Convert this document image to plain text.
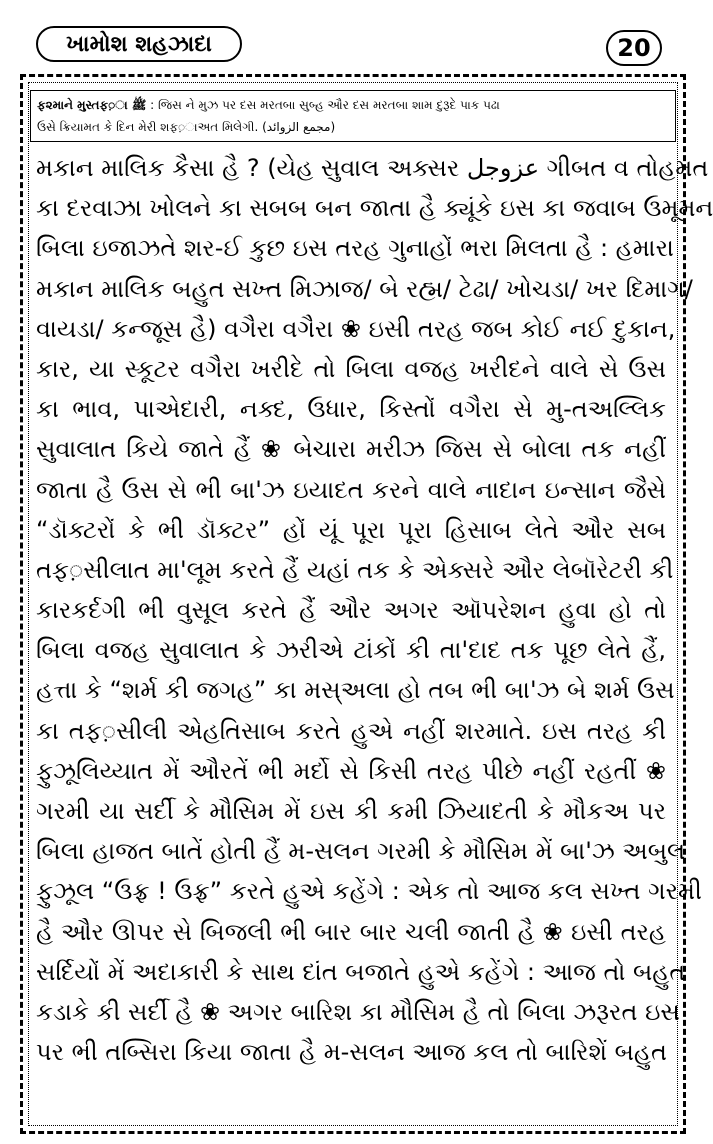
ખામોશ શહઝાદા	20
ફ૨માને મુસ્તફ़ા ﷺ : જિસ ને મુઝ પર દસ મરતબા સુબ્હ ઔર દસ મરતબા શામ દુરૂદે પાક પઢા
ઉસે ક્રિયામત કે દિન મેરી શફ़ાઅત મિલેગી. (مجمع الزوائد)
મકાન માલિક કૈસા હૈ ? (યેહ સુવાલ અક્સર عزوجل ગીબત વ તોહમત
કા દરવાઝા ખોલને કા સબબ બન જાતા હૈ ક્યૂંકે ઇસ કા જવાબ ઉમૂમન
બિલા ઇજાઝતે શર-ઈ કુછ ઇસ તરહ ગુનાહોં ભરા મિલતા હૈ : હમારા
મકાન માલિક બહુત સખ્ત મિઝાજ/ બે રહ્મ/ ટેઢા/ ખોચડા/ ખર દિમાગ/
વાયડા/ કન્જૂસ હૈ) વગૈરા વગૈરા ❀ ઇસી તરહ જબ કોઈ નઈ દુકાન,
કાર, યા સ્કૂટર વગૈરા ખરીદે તો બિલા વજહ ખરીદને વાલે સે ઉસ
કા ભાવ, પાએદારી, નક્દ, ઉધાર, કિસ્તોં વગૈરા સે મુ-તઅલ્લિક
સુવાલાત કિયે જાતે હૈં ❀ બેચારા મરીઝ જિસ સે બોલા તક નહીં
જાતા હૈ ઉસ સે ભી બા'ઝ ઇયાદત કરને વાલે નાદાન ઇન્સાન જૈસે
“ડૉક્ટરોં કે ભી ડૉક્ટર” હોં યૂં પૂરા પૂરા હિસાબ લેતે ઔર સબ
તફ़સીલાત મા'લૂમ કરતે હૈં યહાં તક કે એક્સરે ઔર લેબૉરેટરી કી
કારકર્દગી ભી વુસૂલ કરતે હૈં ઔર અગર ઑપરેશન હુવા હો તો
બિલા વજહ સુવાલાત કે ઝરીએ ટાંકોં કી તા'દાદ તક પૂછ લેતે હૈં,
હત્તા કે “શર્મ કી જગહ” કા મસ્અલા હો તબ ભી બા'ઝ બે શર્મ ઉસ
કા તફ़સીલી એહતિસાબ કરતે હુએ નહીં શરમાતે. ઇસ તરહ કી
ફુઝૂલિય્યાત મેં ઔરતેં ભી મર્દો સે કિસી તરહ પીછે નહીં રહતીં ❀
ગરમી યા સર્દી કે મૌસિમ મેં ઇસ કી કમી ઝિયાદતી કે મૌકઅ પર
બિલા હાજત બાતેં હોતી હૈં મ-સલન ગરમી કે મૌસિમ મેં બા'ઝ અબુલ
ફુઝૂલ “ઉફ્ર ! ઉફ્ર” કરતે હુએ કહેંગે : એક તો આજ કલ સખ્ત ગરમી
હૈ ઔર ઊપર સે બિજલી ભી બાર બાર ચલી જાતી હૈ ❀ ઇસી તરહ
સર્દિયોં મેં અદાકારી કે સાથ દાંત બજાતે હુએ કહેંગે : આજ તો બહુત
કડાકે કી સર્દી હૈ ❀ અગર બારિશ કા મૌસિમ હૈ તો બિલા ઝરૂરત ઇસ
પર ભી તબ્સિરા કિયા જાતા હૈ મ-સલન આજ કલ તો બારિશેં બહુત
